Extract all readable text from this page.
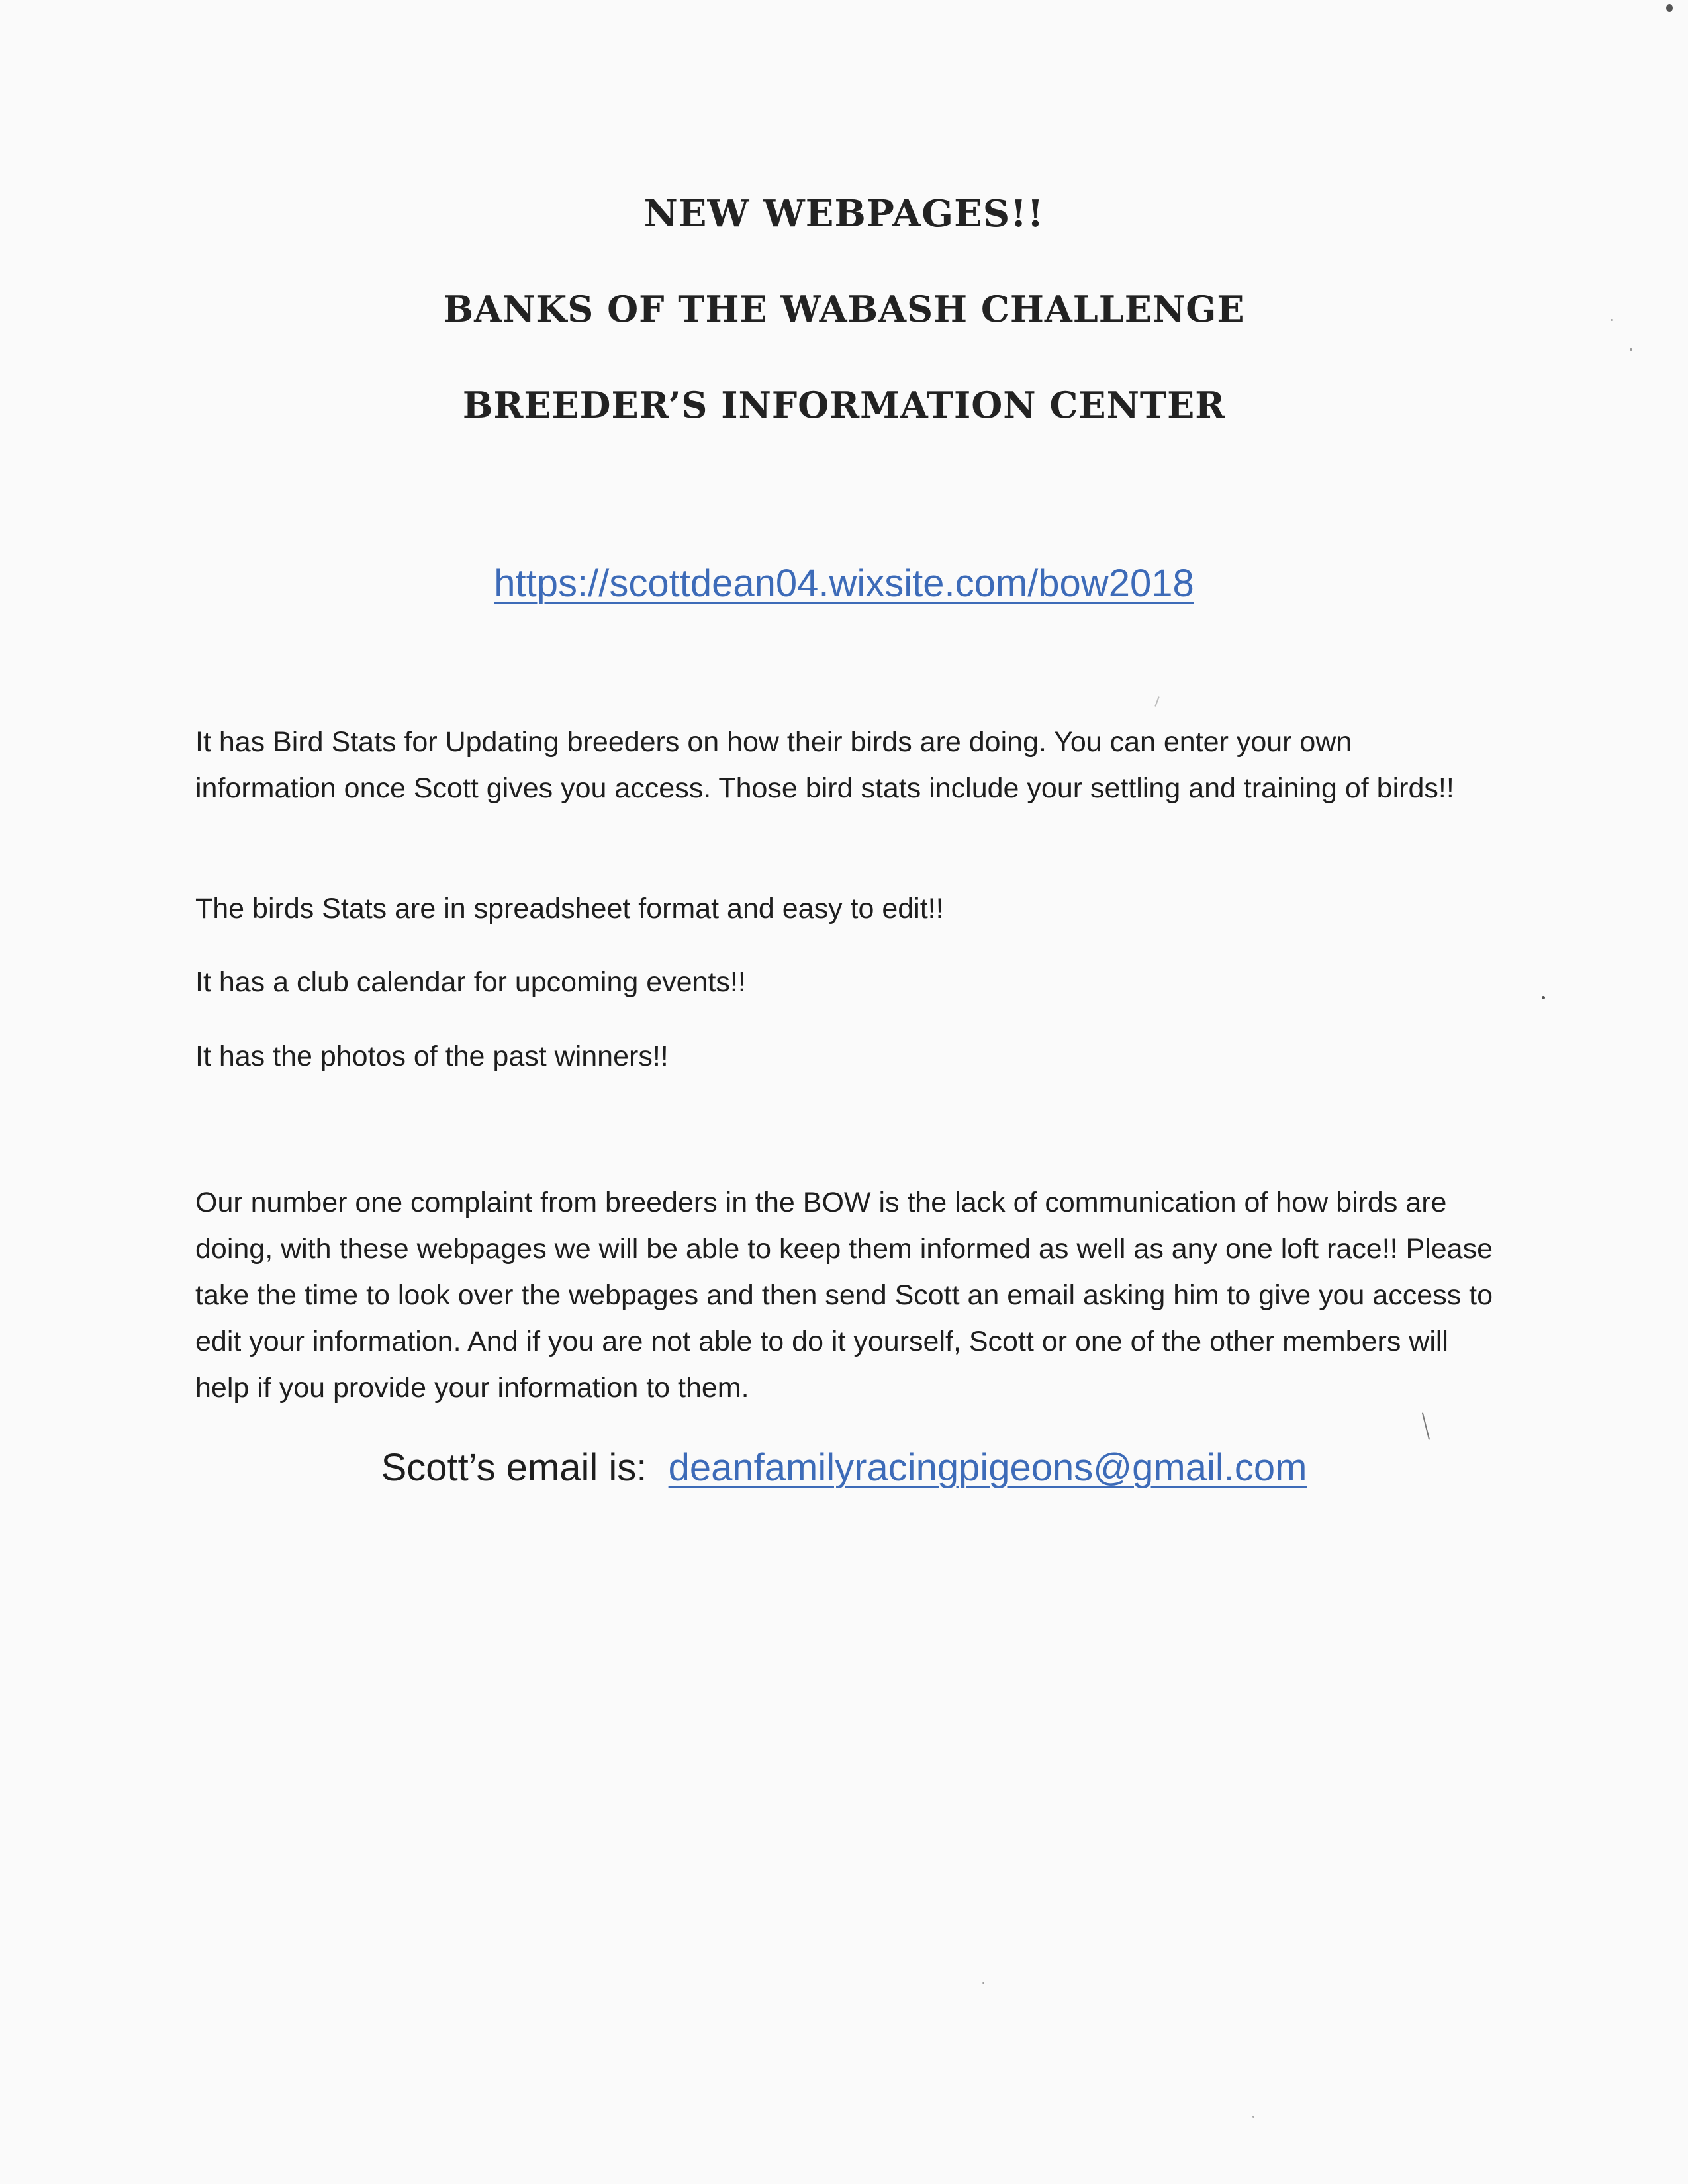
NEW WEBPAGES!!
BANKS OF THE WABASH CHALLENGE
BREEDER’S INFORMATION CENTER
https://scottdean04.wixsite.com/bow2018

It has Bird Stats for Updating breeders on how their birds are doing. You can enter your own information once Scott gives you access. Those bird stats include your settling and training of birds!!

The birds Stats are in spreadsheet format and easy to edit!!

It has a club calendar for upcoming events!!

It has the photos of the past winners!!

Our number one complaint from breeders in the BOW is the lack of communication of how birds are doing, with these webpages we will be able to keep them informed as well as any one loft race!! Please take the time to look over the webpages and then send Scott an email asking him to give you access to edit your information. And if you are not able to do it yourself, Scott or one of the other members will help if you provide your information to them.

Scott’s email is: deanfamilyracingpigeons@gmail.com
